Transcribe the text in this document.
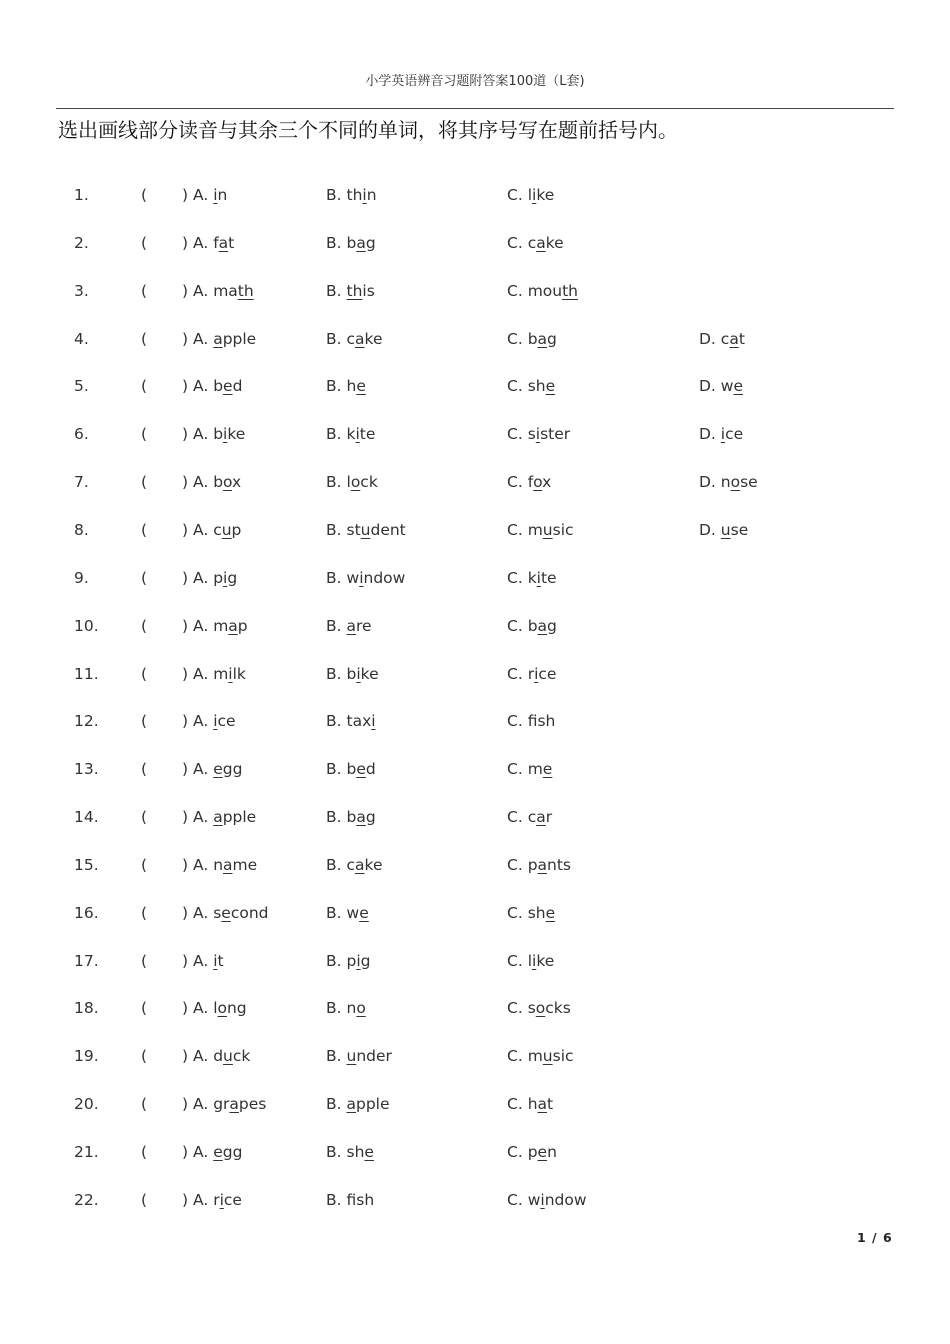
小学英语辨音习题附答案100道（L套)
选出画线部分读音与其余三个不同的单词，将其序号写在题前括号内。
1.	( ) A. in	B. thin	C. like
2.	( ) A. fat	B. bag	C. cake
3.	( ) A. math	B. this	C. mouth
4.	( ) A. apple	B. cake	C. bag	D. cat
5.	( ) A. bed	B. he	C. she	D. we
6.	( ) A. bike	B. kite	C. sister	D. ice
7.	( ) A. box	B. lock	C. fox	D. nose
8.	( ) A. cup	B. student	C. music	D. use
9.	( ) A. pig	B. window	C. kite
10.	( ) A. map	B. are	C. bag
11.	( ) A. milk	B. bike	C. rice
12.	( ) A. ice	B. taxi	C. fsh
13.	( ) A. egg	B. bed	C. me
14.	( ) A. apple	B. bag	C. car
15.	( ) A. name	B. cake	C. pants
16.	( ) A. second	B. we	C. she
17.	( ) A. it	B. pig	C. like
18.	( ) A. long	B. no	C. socks
19.	( ) A. duck	B. under	C. music
20.	( ) A. grapes	B. apple	C. hat
21.	( ) A. egg	B. she	C. pen
22.	( ) A. rice	B. fsh	C. window
1 / 6
